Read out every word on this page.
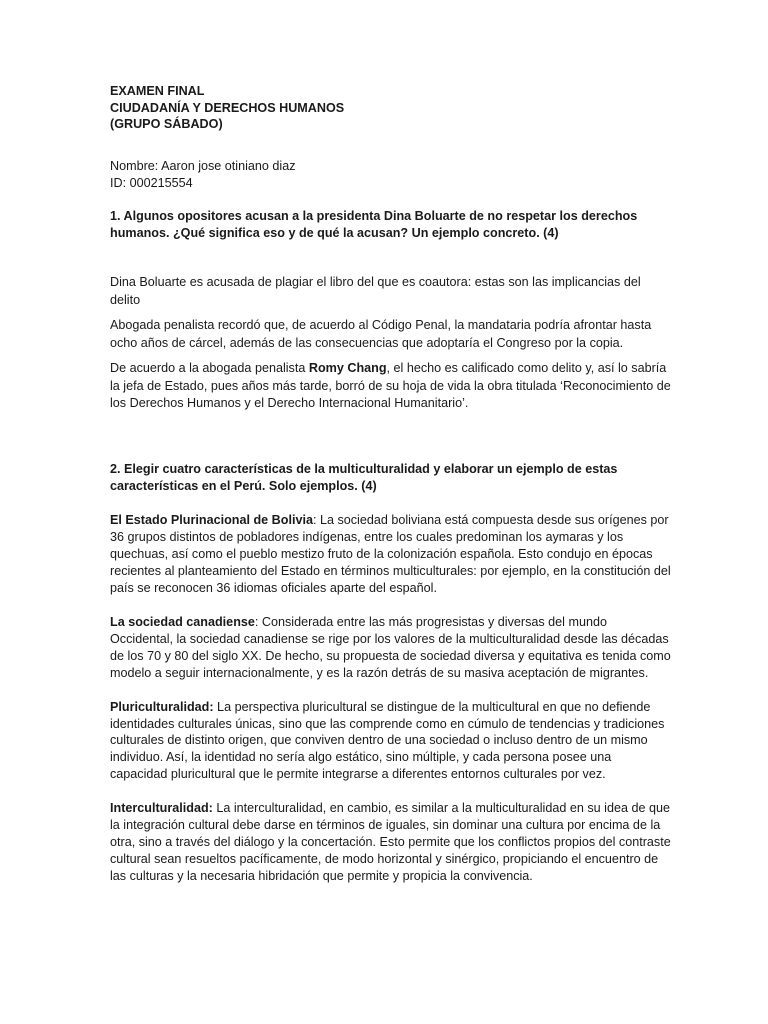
EXAMEN FINAL
CIUDADANÍA Y DERECHOS HUMANOS
(GRUPO SÁBADO)
Nombre: Aaron jose otiniano diaz
ID: 000215554

1. Algunos opositores acusan a la presidenta Dina Boluarte de no respetar los derechos humanos. ¿Qué significa eso y de qué la acusan? Un ejemplo concreto. (4)

Dina Boluarte es acusada de plagiar el libro del que es coautora: estas son las implicancias del delito

Abogada penalista recordó que, de acuerdo al Código Penal, la mandataria podría afrontar hasta ocho años de cárcel, además de las consecuencias que adoptaría el Congreso por la copia.

De acuerdo a la abogada penalista Romy Chang, el hecho es calificado como delito y, así lo sabría la jefa de Estado, pues años más tarde, borró de su hoja de vida la obra titulada ‘Reconocimiento de los Derechos Humanos y el Derecho Internacional Humanitario’.

2. Elegir cuatro características de la multiculturalidad y elaborar un ejemplo de estas características en el Perú. Solo ejemplos. (4)

El Estado Plurinacional de Bolivia: La sociedad boliviana está compuesta desde sus orígenes por 36 grupos distintos de pobladores indígenas, entre los cuales predominan los aymaras y los quechuas, así como el pueblo mestizo fruto de la colonización española. Esto condujo en épocas recientes al planteamiento del Estado en términos multiculturales: por ejemplo, en la constitución del país se reconocen 36 idiomas oficiales aparte del español.

La sociedad canadiense: Considerada entre las más progresistas y diversas del mundo Occidental, la sociedad canadiense se rige por los valores de la multiculturalidad desde las décadas de los 70 y 80 del siglo XX. De hecho, su propuesta de sociedad diversa y equitativa es tenida como modelo a seguir internacionalmente, y es la razón detrás de su masiva aceptación de migrantes.

Pluriculturalidad: La perspectiva pluricultural se distingue de la multicultural en que no defiende identidades culturales únicas, sino que las comprende como en cúmulo de tendencias y tradiciones culturales de distinto origen, que conviven dentro de una sociedad o incluso dentro de un mismo individuo. Así, la identidad no sería algo estático, sino múltiple, y cada persona posee una capacidad pluricultural que le permite integrarse a diferentes entornos culturales por vez.

Interculturalidad: La interculturalidad, en cambio, es similar a la multiculturalidad en su idea de que la integración cultural debe darse en términos de iguales, sin dominar una cultura por encima de la otra, sino a través del diálogo y la concertación. Esto permite que los conflictos propios del contraste cultural sean resueltos pacíficamente, de modo horizontal y sinérgico, propiciando el encuentro de las culturas y la necesaria hibridación que permite y propicia la convivencia.
